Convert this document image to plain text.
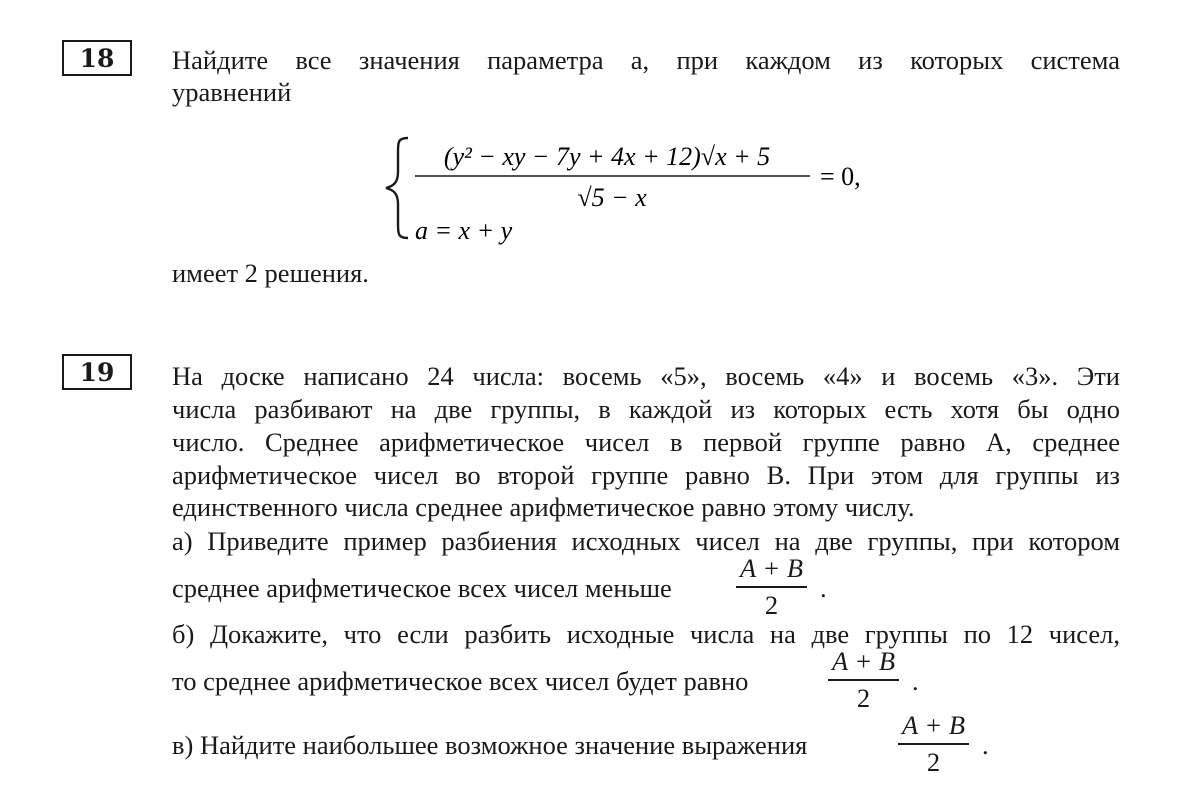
18	Найдите все значения параметра a, при каждом из которых система
уравнений
(y² − xy − 7y + 4x + 12)√x + 5
√5 − x
= 0,
a = x + y
имеет 2 решения.
19	На доске написано 24 числа: восемь «5», восемь «4» и восемь «3». Эти
числа разбивают на две группы, в каждой из которых есть хотя бы одно
число. Среднее арифметическое чисел в первой группе равно A, среднее
арифметическое чисел во второй группе равно B. При этом для группы из
единственного числа среднее арифметическое равно этому числу.
а) Приведите пример разбиения исходных чисел на две группы, при котором
среднее арифметическое всех чисел меньше
A + B
2
.
б) Докажите, что если разбить исходные числа на две группы по 12 чисел,
то среднее арифметическое всех чисел будет равно
A + B
2
.
в) Найдите наибольшее возможное значение выражения
A + B
2
.
